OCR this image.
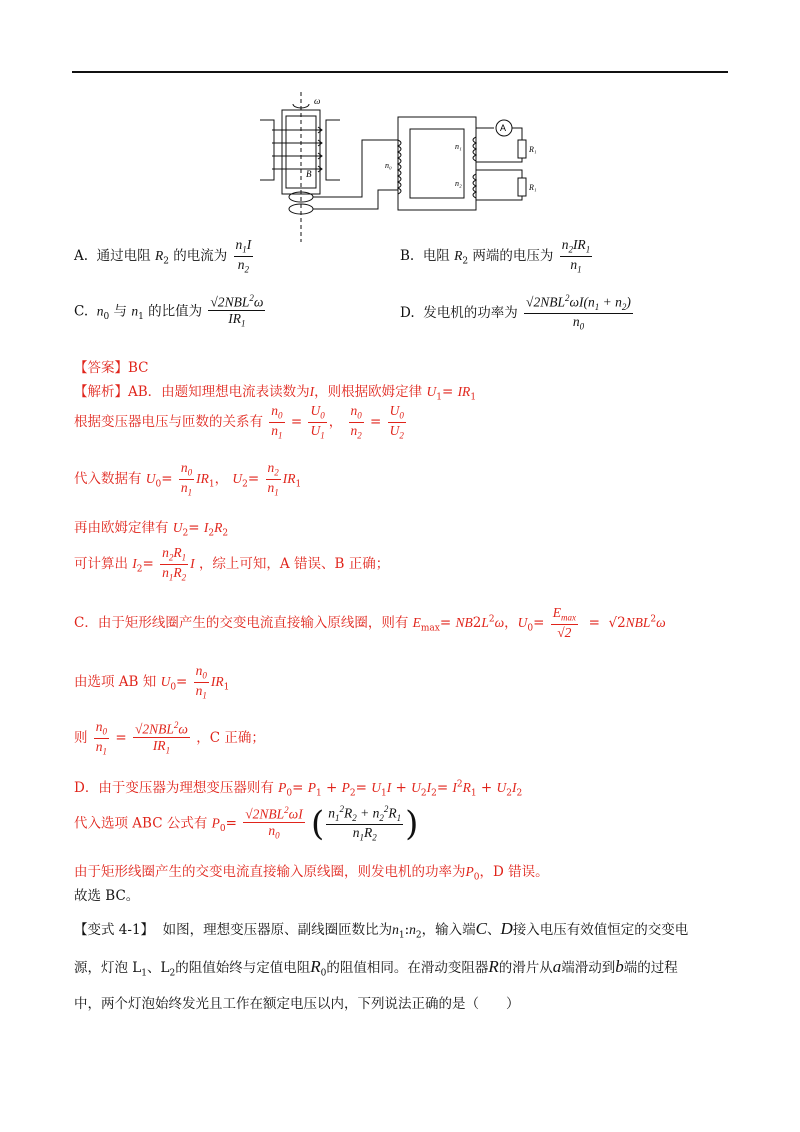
ω
B
A
n₀
n₁
n₂
R₁
R₁
A. 通过电阻 $R_2$ 的电流为 $\frac{n_1I}{n_2}$	B. 电阻 $R_2$ 两端的电压为 $\frac{n_2IR_1}{n_1}$
C. $n_0$ 与 $n_1$ 的比值为 $\frac{√2NBL^2\omega}{IR_1}$	D. 发电机的功率为 $\frac{√2NBL^2\omega I(n_1 + n_2)}{n_0}$
【答案】BC
【解析】AB．由题知理想电流表读数为I，则根据欧姆定律 $U_1= IR_1$
根据变压器电压与匝数的关系有 $\frac{n_0}{n_1} = \frac{U_0}{U_1}$ ， $\frac{n_0}{n_2} = \frac{U_0}{U_2}$
代入数据有 $U_0= \frac{n_0}{n_1} IR_1$， $U_2= \frac{n_2}{n_1} IR_1$
再由欧姆定律有 $U_2= I_2R_2$
可计算出 $I_2= \frac{n_2R_1}{n_1R_2}$ I ，综上可知，A 错误、B 正确；
C．由于矩形线圈产生的交变电流直接输入原线圈，则有 $E_{max}= NB2L^2\omega$，$U_0= \frac{E_{max}}{√2} = √2NBL^2\omega$
由选项 AB 知 $U_0= \frac{n_0}{n_1} IR_1$
则 $\frac{n_0}{n_1} = \frac{√2NBL^2\omega}{IR_1}$ ，C 正确；
D．由于变压器为理想变压器则有 $P_0= P_1 + P_2= U_1I + U_2I_2= I^2R_1 + U_2I_2$
代入选项 ABC 公式有 $P_0= \frac{√2NBL^2\omega I}{n_0}$ ( $\frac{n_1^2R_2 + n_2^2R_1}{n_1R_2}$ )
由于矩形线圈产生的交变电流直接输入原线圈，则发电机的功率为$P_0$，D 错误。
故选 BC。
【变式 4-1】 如图，理想变压器原、副线圈匝数比为$n_1:n_2$，输入端C、D接入电压有效值恒定的交变电
源，灯泡 $L_1$、$L_2$的阻值始终与定值电阻$R_0$的阻值相同。在滑动变阻器R的滑片从a端滑动到b端的过程
中，两个灯泡始终发光且工作在额定电压以内，下列说法正确的是（　　）
